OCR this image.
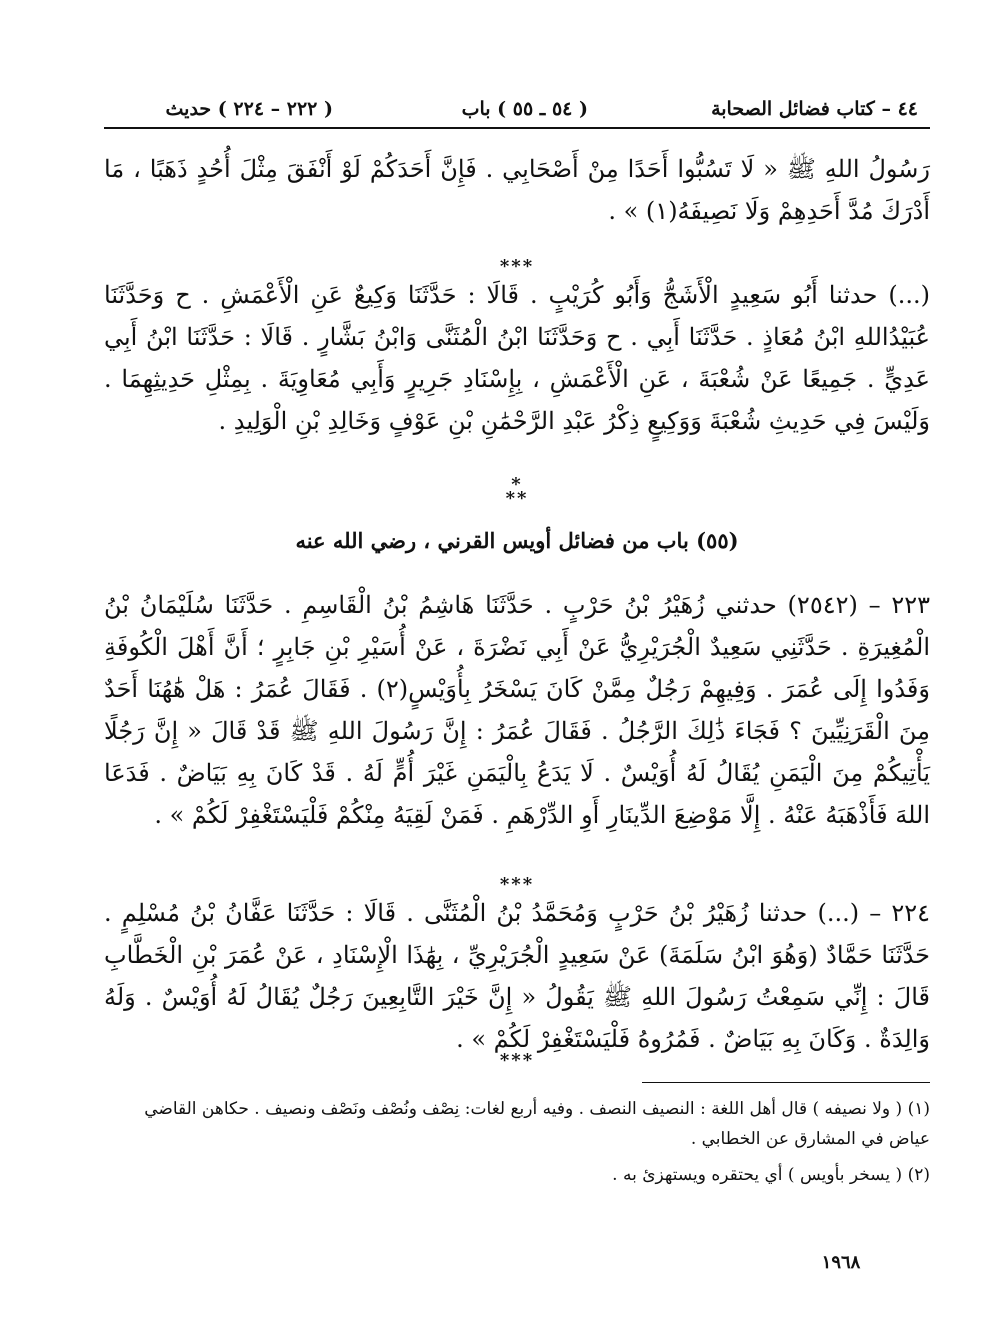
٤٤ – كتاب فضائل الصحابة
( ٥٤ ـ ٥٥ ) باب
( ٢٢٢ – ٢٢٤ ) حديث

رَسُولُ اللهِ ﷺ « لَا تَسُبُّوا أَحَدًا مِنْ أَصْحَابِي . فَإِنَّ أَحَدَكُمْ لَوْ أَنْفَقَ مِثْلَ أُحُدٍ ذَهَبًا ، مَا أَدْرَكَ مُدَّ أَحَدِهِمْ وَلَا نَصِيفَهُ(١) » .

***

(...) حدثنا أَبُو سَعِيدٍ الْأَشَجُّ وَأَبُو كُرَيْبٍ . قَالَا : حَدَّثَنَا وَكِيعٌ عَنِ الْأَعْمَشِ . ح وَحَدَّثَنَا عُبَيْدُاللهِ ابْنُ مُعَاذٍ . حَدَّثَنَا أَبِي . ح وَحَدَّثَنَا ابْنُ الْمُثَنَّى وَابْنُ بَشَّارٍ . قَالَا : حَدَّثَنَا ابْنُ أَبِي عَدِيٍّ . جَمِيعًا عَنْ شُعْبَةَ ، عَنِ الْأَعْمَشِ ، بِإِسْنَادِ جَرِيرٍ وَأَبِي مُعَاوِيَةَ . بِمِثْلِ حَدِيثِهِمَا . وَلَيْسَ فِي حَدِيثِ شُعْبَةَ وَوَكِيعٍ ذِكْرُ عَبْدِ الرَّحْمَٰنِ بْنِ عَوْفٍ وَخَالِدِ بْنِ الْوَلِيدِ .

*
**

(٥٥) باب من فضائل أويس القرني ، رضي الله عنه

٢٢٣ – (٢٥٤٢) حدثني زُهَيْرُ بْنُ حَرْبٍ . حَدَّثَنَا هَاشِمُ بْنُ الْقَاسِمِ . حَدَّثَنَا سُلَيْمَانُ بْنُ الْمُغِيرَةِ . حَدَّثَنِي سَعِيدٌ الْجُرَيْرِيُّ عَنْ أَبِي نَضْرَةَ ، عَنْ أُسَيْرِ بْنِ جَابِرٍ ؛ أَنَّ أَهْلَ الْكُوفَةِ وَفَدُوا إِلَى عُمَرَ . وَفِيهِمْ رَجُلٌ مِمَّنْ كَانَ يَسْخَرُ بِأُوَيْسٍ(٢) . فَقَالَ عُمَرُ : هَلْ هَٰهُنَا أَحَدٌ مِنَ الْقَرَنِيِّينَ ؟ فَجَاءَ ذَٰلِكَ الرَّجُلُ . فَقَالَ عُمَرُ : إِنَّ رَسُولَ اللهِ ﷺ قَدْ قَالَ « إِنَّ رَجُلًا يَأْتِيكُمْ مِنَ الْيَمَنِ يُقَالُ لَهُ أُوَيْسٌ . لَا يَدَعُ بِالْيَمَنِ غَيْرَ أُمٍّ لَهُ . قَدْ كَانَ بِهِ بَيَاضٌ . فَدَعَا اللهَ فَأَذْهَبَهُ عَنْهُ . إِلَّا مَوْضِعَ الدِّينَارِ أَوِ الدِّرْهَمِ . فَمَنْ لَقِيَهُ مِنْكُمْ فَلْيَسْتَغْفِرْ لَكُمْ » .

***

٢٢٤ – (...) حدثنا زُهَيْرُ بْنُ حَرْبٍ وَمُحَمَّدُ بْنُ الْمُثَنَّى . قَالَا : حَدَّثَنَا عَفَّانُ بْنُ مُسْلِمٍ . حَدَّثَنَا حَمَّادٌ (وَهُوَ ابْنُ سَلَمَةَ) عَنْ سَعِيدٍ الْجُرَيْرِيِّ ، بِهَٰذَا الْإِسْنَادِ ، عَنْ عُمَرَ بْنِ الْخَطَّابِ قَالَ : إِنِّي سَمِعْتُ رَسُولَ اللهِ ﷺ يَقُولُ « إِنَّ خَيْرَ التَّابِعِينَ رَجُلٌ يُقَالُ لَهُ أُوَيْسٌ . وَلَهُ وَالِدَةٌ . وَكَانَ بِهِ بَيَاضٌ . فَمُرُوهُ فَلْيَسْتَغْفِرْ لَكُمْ » .

***

(١) ( ولا نصيفه ) قال أهل اللغة : النصيف النصف . وفيه أربع لغات: نِصْف ونُصْف ونَصْف ونصيف . حكاهن القاضي عياض في المشارق عن الخطابي .

(٢) ( يسخر بأويس ) أي يحتقره ويستهزئ به .

١٩٦٨
